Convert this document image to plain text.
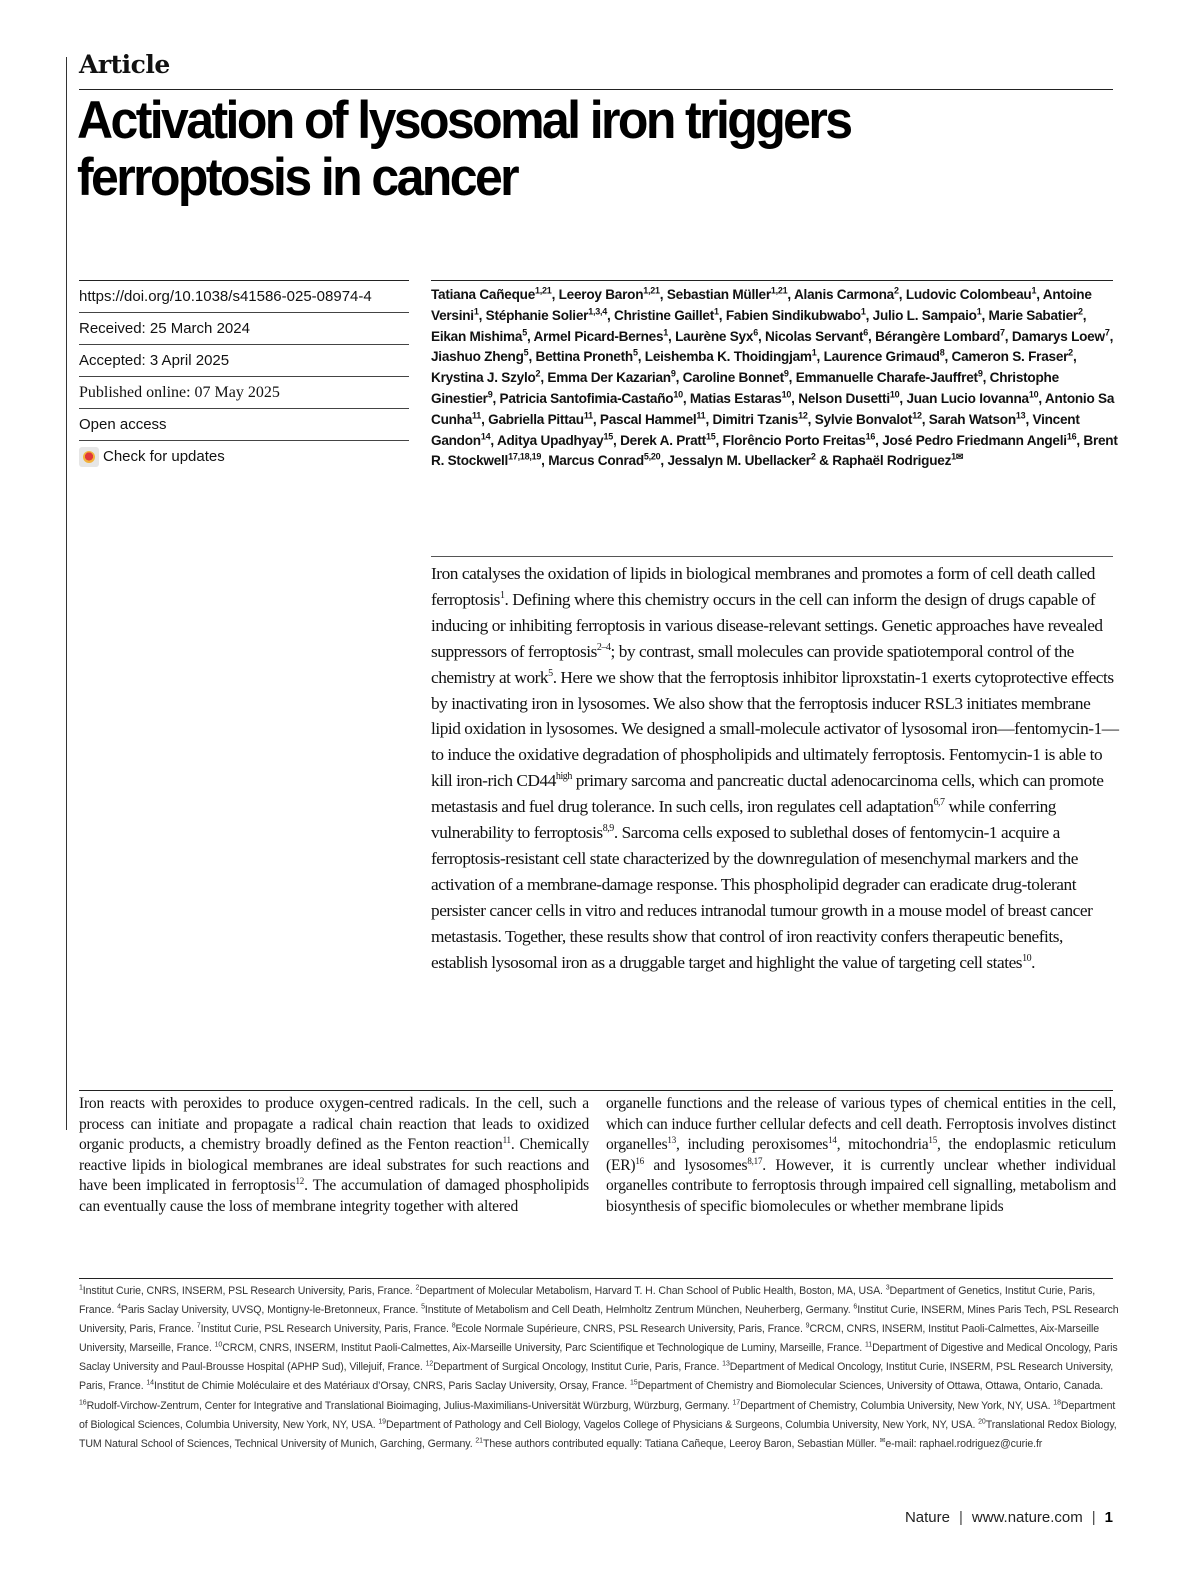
Article
Activation of lysosomal iron triggers ferroptosis in cancer
https://doi.org/10.1038/s41586-025-08974-4
Received: 25 March 2024
Accepted: 3 April 2025
Published online: 07 May 2025
Open access
Check for updates
Tatiana Cañeque$^{1,21}$, Leeroy Baron$^{1,21}$, Sebastian Müller$^{1,21}$, Alanis Carmona$^2$, Ludovic Colombeau$^1$, Antoine Versini$^1$, Stéphanie Solier$^{1,3,4}$, Christine Gaillet$^1$, Fabien Sindikubwabo$^1$, Julio L. Sampaio$^1$, Marie Sabatier$^2$, Eikan Mishima$^5$, Armel Picard-Bernes$^1$, Laurène Syx$^6$, Nicolas Servant$^6$, Bérangère Lombard$^7$, Damarys Loew$^7$, Jiashuo Zheng$^5$, Bettina Proneth$^5$, Leishemba K. Thoidingjam$^1$, Laurence Grimaud$^8$, Cameron S. Fraser$^2$, Krystina J. Szylo$^2$, Emma Der Kazarian$^9$, Caroline Bonnet$^9$, Emmanuelle Charafe-Jauffret$^9$, Christophe Ginestier$^9$, Patricia Santofimia-Castaño$^{10}$, Matias Estaras$^{10}$, Nelson Dusetti$^{10}$, Juan Lucio Iovanna$^{10}$, Antonio Sa Cunha$^{11}$, Gabriella Pittau$^{11}$, Pascal Hammel$^{11}$, Dimitri Tzanis$^{12}$, Sylvie Bonvalot$^{12}$, Sarah Watson$^{13}$, Vincent Gandon$^{14}$, Aditya Upadhyay$^{15}$, Derek A. Pratt$^{15}$, Florêncio Porto Freitas$^{16}$, José Pedro Friedmann Angeli$^{16}$, Brent R. Stockwell$^{17,18,19}$, Marcus Conrad$^{5,20}$, Jessalyn M. Ubellacker$^2$ & Raphaël Rodriguez$^{1✉}$

Iron catalyses the oxidation of lipids in biological membranes and promotes a form of cell death called ferroptosis$^1$. Defining where this chemistry occurs in the cell can inform the design of drugs capable of inducing or inhibiting ferroptosis in various disease-relevant settings. Genetic approaches have revealed suppressors of ferroptosis$^{2-4}$; by contrast, small molecules can provide spatiotemporal control of the chemistry at work$^5$. Here we show that the ferroptosis inhibitor liproxstatin-1 exerts cytoprotective effects by inactivating iron in lysosomes. We also show that the ferroptosis inducer RSL3 initiates membrane lipid oxidation in lysosomes. We designed a small-molecule activator of lysosomal iron—fentomycin-1—to induce the oxidative degradation of phospholipids and ultimately ferroptosis. Fentomycin-1 is able to kill iron-rich $CD44^{high}$ primary sarcoma and pancreatic ductal adenocarcinoma cells, which can promote metastasis and fuel drug tolerance. In such cells, iron regulates cell adaptation$^{6,7}$ while conferring vulnerability to ferroptosis$^{8,9}$. Sarcoma cells exposed to sublethal doses of fentomycin-1 acquire a ferroptosis-resistant cell state characterized by the downregulation of mesenchymal markers and the activation of a membrane-damage response. This phospholipid degrader can eradicate drug-tolerant persister cancer cells in vitro and reduces intranodal tumour growth in a mouse model of breast cancer metastasis. Together, these results show that control of iron reactivity confers therapeutic benefits, establish lysosomal iron as a druggable target and highlight the value of targeting cell states$^{10}$.

Iron reacts with peroxides to produce oxygen-centred radicals. In the cell, such a process can initiate and propagate a radical chain reaction that leads to oxidized organic products, a chemistry broadly defined as the Fenton reaction$^{11}$. Chemically reactive lipids in biological membranes are ideal substrates for such reactions and have been implicated in ferroptosis$^{12}$. The accumulation of damaged phospholipids can eventually cause the loss of membrane integrity together with altered

organelle functions and the release of various types of chemical entities in the cell, which can induce further cellular defects and cell death. Ferroptosis involves distinct organelles$^{13}$, including peroxisomes$^{14}$, mitochondria$^{15}$, the endoplasmic reticulum (ER)$^{16}$ and lysosomes$^{8,17}$. However, it is currently unclear whether individual organelles contribute to ferroptosis through impaired cell signalling, metabolism and biosynthesis of specific biomolecules or whether membrane lipids

$^1$Institut Curie, CNRS, INSERM, PSL Research University, Paris, France. $^2$Department of Molecular Metabolism, Harvard T. H. Chan School of Public Health, Boston, MA, USA. $^3$Department of Genetics, Institut Curie, Paris, France. $^4$Paris Saclay University, UVSQ, Montigny-le-Bretonneux, France. $^5$Institute of Metabolism and Cell Death, Helmholtz Zentrum München, Neuherberg, Germany. $^6$Institut Curie, INSERM, Mines Paris Tech, PSL Research University, Paris, France. $^7$Institut Curie, PSL Research University, Paris, France. $^8$Ecole Normale Supérieure, CNRS, PSL Research University, Paris, France. $^9$CRCM, CNRS, INSERM, Institut Paoli-Calmettes, Aix-Marseille University, Marseille, France. $^{10}$CRCM, CNRS, INSERM, Institut Paoli-Calmettes, Aix-Marseille University, Parc Scientifique et Technologique de Luminy, Marseille, France. $^{11}$Department of Digestive and Medical Oncology, Paris Saclay University and Paul-Brousse Hospital (APHP Sud), Villejuif, France. $^{12}$Department of Surgical Oncology, Institut Curie, Paris, France. $^{13}$Department of Medical Oncology, Institut Curie, INSERM, PSL Research University, Paris, France. $^{14}$Institut de Chimie Moléculaire et des Matériaux d’Orsay, CNRS, Paris Saclay University, Orsay, France. $^{15}$Department of Chemistry and Biomolecular Sciences, University of Ottawa, Ottawa, Ontario, Canada. $^{16}$Rudolf-Virchow-Zentrum, Center for Integrative and Translational Bioimaging, Julius-Maximilians-Universität Würzburg, Würzburg, Germany. $^{17}$Department of Chemistry, Columbia University, New York, NY, USA. $^{18}$Department of Biological Sciences, Columbia University, New York, NY, USA. $^{19}$Department of Pathology and Cell Biology, Vagelos College of Physicians & Surgeons, Columbia University, New York, NY, USA. $^{20}$Translational Redox Biology, TUM Natural School of Sciences, Technical University of Munich, Garching, Germany. $^{21}$These authors contributed equally: Tatiana Cañeque, Leeroy Baron, Sebastian Müller. ✉e-mail: raphael.rodriguez@curie.fr

Nature | www.nature.com | 1
